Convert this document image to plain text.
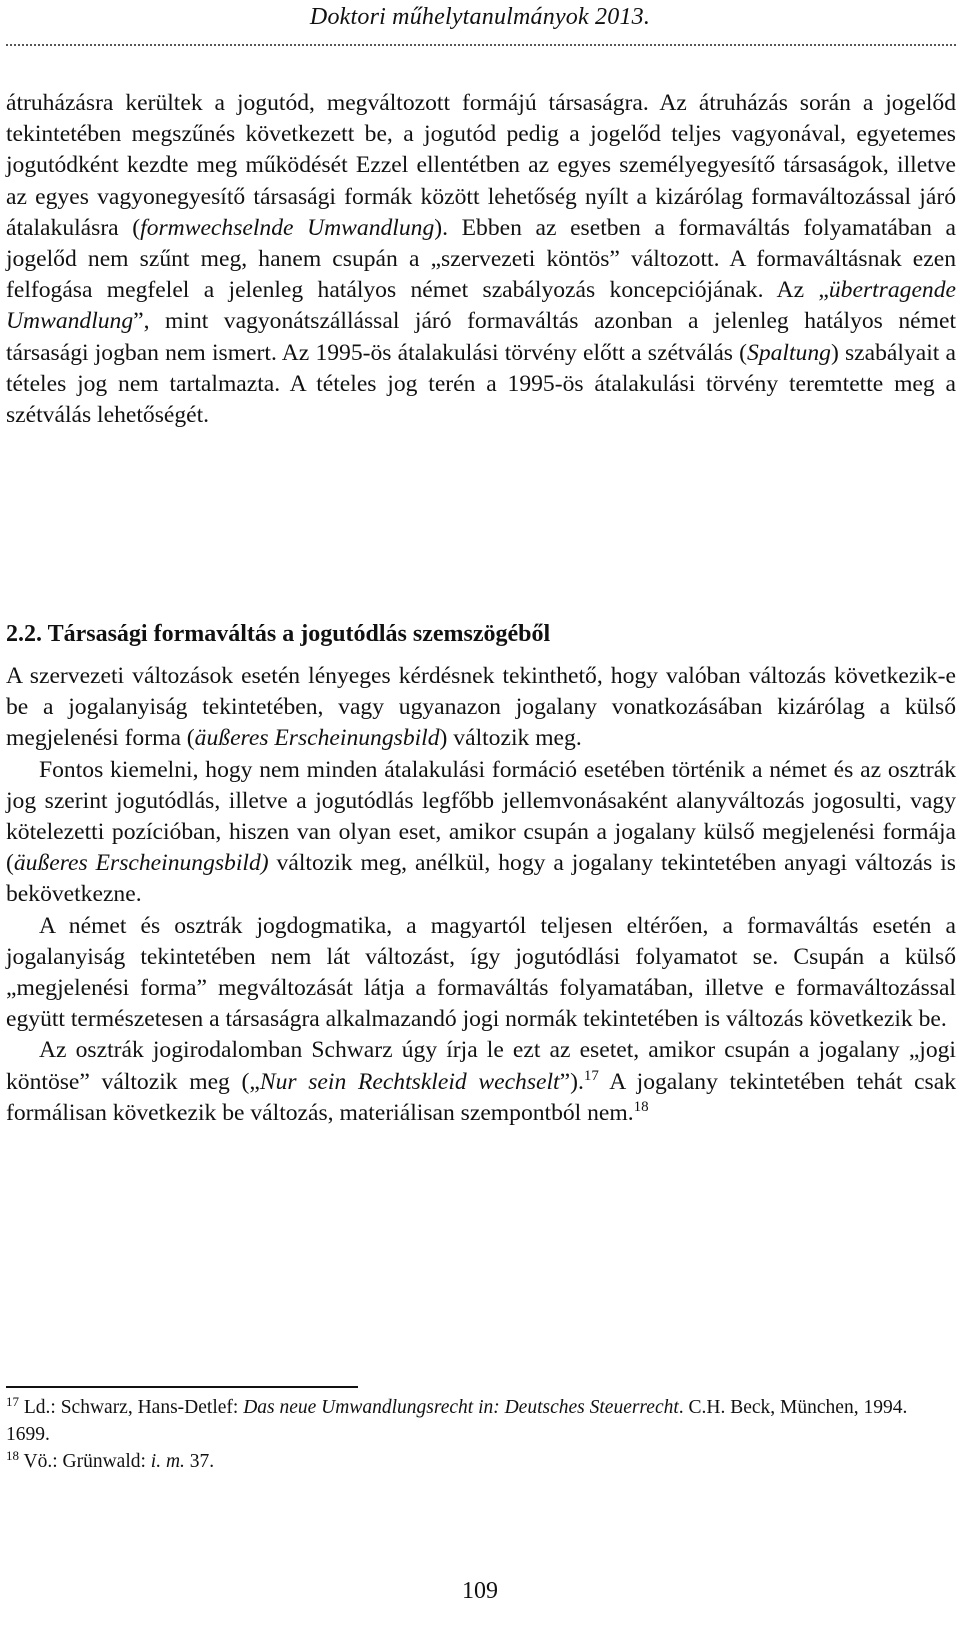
Doktori műhelytanulmányok 2013.

átruházásra kerültek a jogutód, megváltozott formájú társaságra. Az átruházás során a jogelőd tekintetében megszűnés következett be, a jogutód pedig a jogelőd teljes vagyonával, egyetemes jogutódként kezdte meg működését Ezzel ellentétben az egyes személyegyesítő társaságok, illetve az egyes vagyonegyesítő társasági formák között lehetőség nyílt a kizárólag formaváltozással járó átalakulásra (formwechselnde Umwandlung). Ebben az esetben a formaváltás folyamatában a jogelőd nem szűnt meg, hanem csupán a „szervezeti köntös” változott. A formaváltásnak ezen felfogása megfelel a jelenleg hatályos német szabályozás koncepciójának. Az „übertragende Umwandlung”, mint vagyonátszállással járó formaváltás azonban a jelenleg hatályos német társasági jogban nem ismert. Az 1995-ös átalakulási törvény előtt a szétválás (Spaltung) szabályait a tételes jog nem tartalmazta. A tételes jog terén a 1995-ös átalakulási törvény teremtette meg a szétválás lehetőségét.

2.2. Társasági formaváltás a jogutódlás szemszögéből

A szervezeti változások esetén lényeges kérdésnek tekinthető, hogy valóban változás következik-e be a jogalanyiság tekintetében, vagy ugyanazon jogalany vonatkozásában kizárólag a külső megjelenési forma (äußeres Erscheinungsbild) változik meg.

Fontos kiemelni, hogy nem minden átalakulási formáció esetében történik a német és az osztrák jog szerint jogutódlás, illetve a jogutódlás legfőbb jellemvonásaként alanyváltozás jogosulti, vagy kötelezetti pozícióban, hiszen van olyan eset, amikor csupán a jogalany külső megjelenési formája (äußeres Erscheinungsbild) változik meg, anélkül, hogy a jogalany tekintetében anyagi változás is bekövetkezne.

A német és osztrák jogdogmatika, a magyartól teljesen eltérően, a formaváltás esetén a jogalanyiság tekintetében nem lát változást, így jogutódlási folyamatot se. Csupán a külső „megjelenési forma” megváltozását látja a formaváltás folyamatában, illetve e formaváltozással együtt természetesen a társaságra alkalmazandó jogi normák tekintetében is változás következik be.

Az osztrák jogirodalomban Schwarz úgy írja le ezt az esetet, amikor csupán a jogalany „jogi köntöse” változik meg („Nur sein Rechtskleid wechselt”).$^{17}$ A jogalany tekintetében tehát csak formálisan következik be változás, materiálisan szempontból nem.$^{18}$

$^{17}$ Ld.: Schwarz, Hans-Detlef: Das neue Umwandlungsrecht in: Deutsches Steuerrecht. C.H. Beck, München, 1994. 1699.

$^{18}$ Vö.: Grünwald: i. m. 37.

109
